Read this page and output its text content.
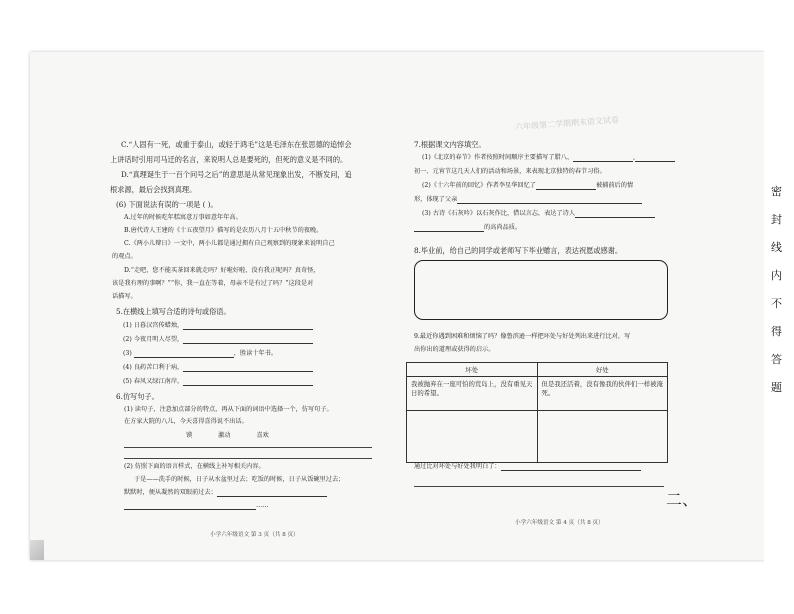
C.“人固有一死，或重于泰山，或轻于鸿毛”这是毛泽东在张思德的追悼会
上讲话时引用司马迁的名言，来说明人总是要死的，但死的意义是不同的。
D.“真理诞生于一百个问号之后”的意思是从常见现象出发，不断发问，追
根求源，最后会找到真理。
(6) 下面说法有误的一项是 ( )。
A.过年的时候吃年糕寓意万事如意年年高。
B.唐代诗人王建的《十五夜望月》描写的是农历八月十五中秋节的夜晚。
C.《两小儿辩日》一文中，两小儿都是通过拥有自己观察到的现象来说明自己
的观点。
D.“走吧，您不能买茶回来就走吗？好啦好啦，没有我正呢吗？真奇怪，
该是我有理的事啊？”“你，我一直在等着，母亲不是有过了吗？”这段是对
话描写。
5.在横线上填写合适的诗句或俗语。
(1) 日暮汉宫传蜡烛，
(2) 今夜月明人尽望，
(3)	，胜读十年书。
(4) 良药苦口利于病，
(5) 春风又绿江南岸，
6.仿写句子。
(1) 读句子，注意加点部分的特点，再从下面的词语中选择一个，仿写句子。
在方家大院的八儿，今天喜得喜得说不出话。
馍	激动	喜欢
(2) 仿照下面的语言样式，在横线上补写相关内容。
于是——洗手的时候，日子从水盆里过去；吃饭的时候，日子从饭碗里过去；
默默时，便从凝然的双眼前过去；
……
小学六年级语文 第 3 页（共 8 页）
六年级第二学期期末语文试卷
7.根据课文内容填空。
(1)《北京的春节》作者按照时间顺序主要描写了腊八、	,
初一、元宵节这几天人们的活动和场景，来表现北京独特的春节习俗。
(2)《十六年前的回忆》作者李星华回忆了	被捕前后的情
形，体现了父亲
(3) 古诗《石灰吟》以石灰作比，借以言志，表达了诗人
的高尚品质。
8.毕业前，给自己的同学或老师写下毕业赠言，表达祝愿或感谢。
9.最近你遇到困难和烦恼了吗？像鲁滨逊一样把坏处与好处列出来进行比对，写
出你出的道理或获得的启示。
坏处	好处
我被抛弃在一座可怕的荒岛上，没有重见天日的希望。	但是我还活着，没有像我的伙伴们一样被淹死。

通过比对坏处与好处我明白了：
二、
小学六年级语文 第 4 页（共 8 页）
密
封
线
内
不
得
答
题
